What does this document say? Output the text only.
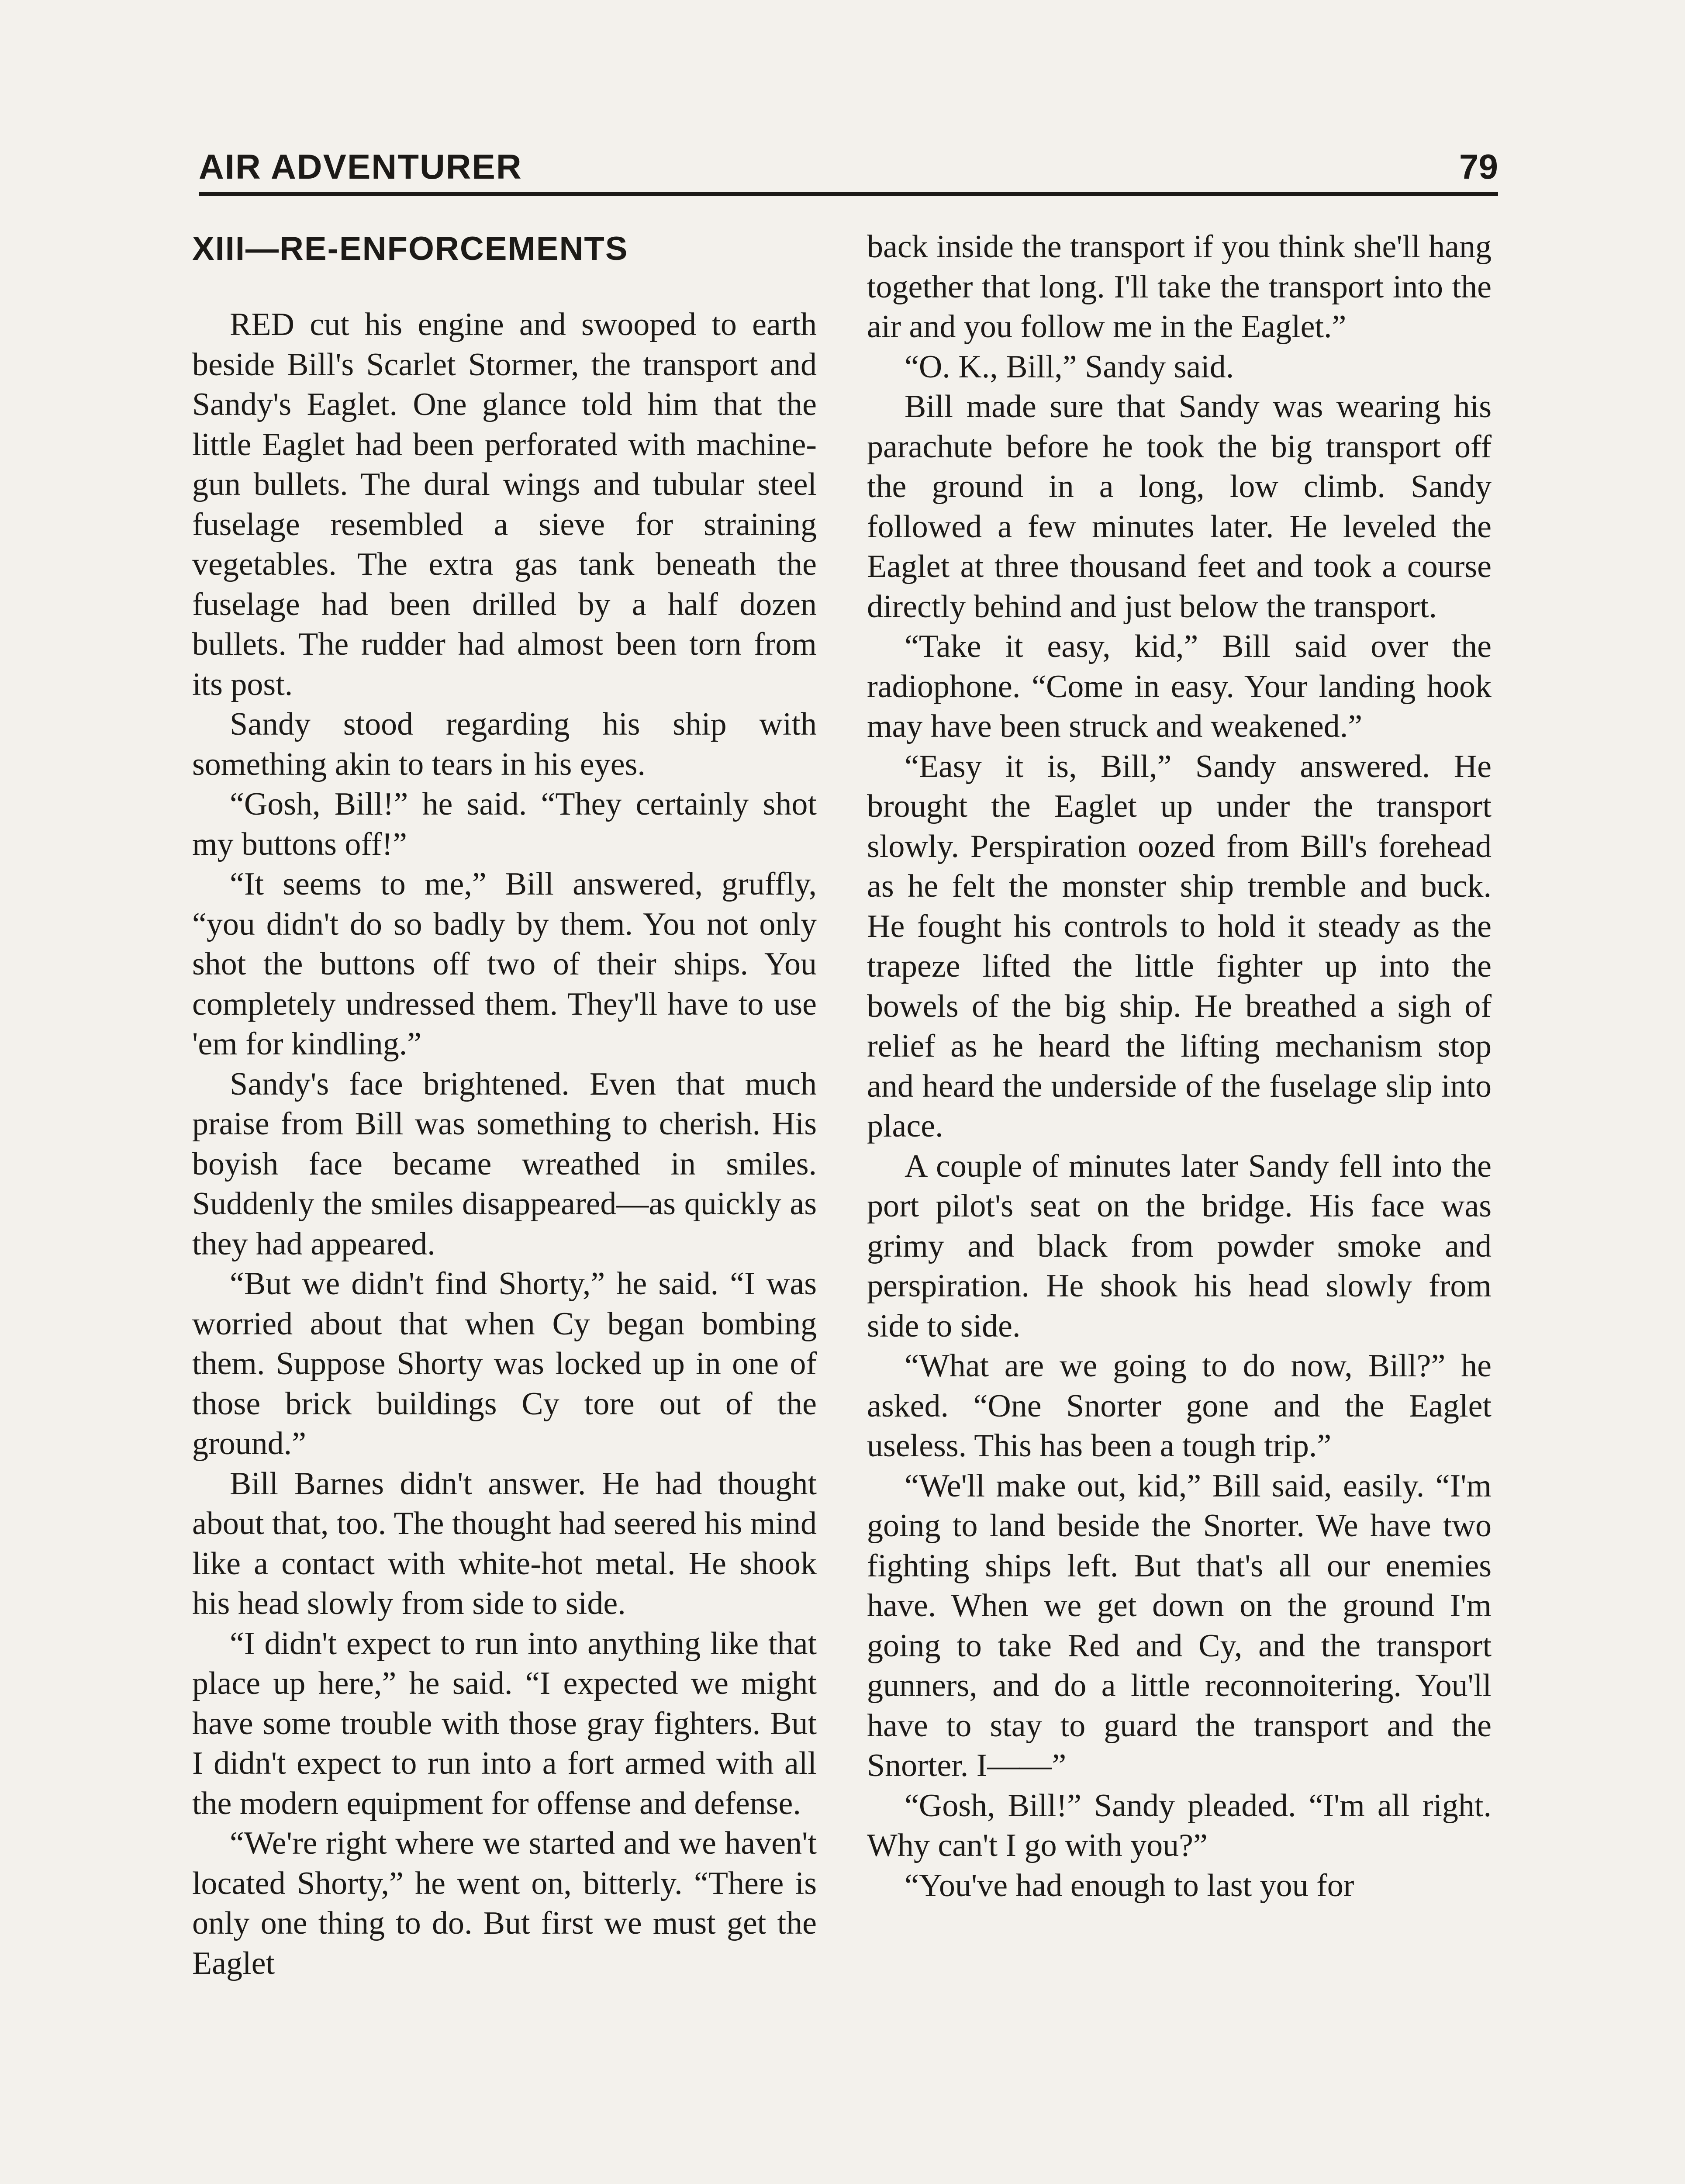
AIR ADVENTURER	79
XIII—RE-ENFORCEMENTS

RED cut his engine and swooped to earth beside Bill's Scarlet Stormer, the transport and Sandy's Eaglet. One glance told him that the little Eaglet had been perforated with machine-gun bullets. The dural wings and tubular steel fuselage resembled a sieve for straining vegetables. The extra gas tank beneath the fuselage had been drilled by a half dozen bullets. The rudder had almost been torn from its post.

Sandy stood regarding his ship with something akin to tears in his eyes.

“Gosh, Bill!” he said. “They certainly shot my buttons off!”

“It seems to me,” Bill answered, gruffly, “you didn't do so badly by them. You not only shot the buttons off two of their ships. You completely undressed them. They'll have to use 'em for kindling.”

Sandy's face brightened. Even that much praise from Bill was something to cherish. His boyish face became wreathed in smiles. Suddenly the smiles disappeared—as quickly as they had appeared.

“But we didn't find Shorty,” he said. “I was worried about that when Cy began bombing them. Suppose Shorty was locked up in one of those brick buildings Cy tore out of the ground.”

Bill Barnes didn't answer. He had thought about that, too. The thought had seered his mind like a contact with white-hot metal. He shook his head slowly from side to side.

“I didn't expect to run into anything like that place up here,” he said. “I expected we might have some trouble with those gray fighters. But I didn't expect to run into a fort armed with all the modern equipment for offense and defense.

“We're right where we started and we haven't located Shorty,” he went on, bitterly. “There is only one thing to do. But first we must get the Eaglet

back inside the transport if you think she'll hang together that long. I'll take the transport into the air and you follow me in the Eaglet.”

“O. K., Bill,” Sandy said.

Bill made sure that Sandy was wearing his parachute before he took the big transport off the ground in a long, low climb. Sandy followed a few minutes later. He leveled the Eaglet at three thousand feet and took a course directly behind and just below the transport.

“Take it easy, kid,” Bill said over the radiophone. “Come in easy. Your landing hook may have been struck and weakened.”

“Easy it is, Bill,” Sandy answered. He brought the Eaglet up under the transport slowly. Perspiration oozed from Bill's forehead as he felt the monster ship tremble and buck. He fought his controls to hold it steady as the trapeze lifted the little fighter up into the bowels of the big ship. He breathed a sigh of relief as he heard the lifting mechanism stop and heard the underside of the fuselage slip into place.

A couple of minutes later Sandy fell into the port pilot's seat on the bridge. His face was grimy and black from powder smoke and perspiration. He shook his head slowly from side to side.

“What are we going to do now, Bill?” he asked. “One Snorter gone and the Eaglet useless. This has been a tough trip.”

“We'll make out, kid,” Bill said, easily. “I'm going to land beside the Snorter. We have two fighting ships left. But that's all our enemies have. When we get down on the ground I'm going to take Red and Cy, and the transport gunners, and do a little reconnoitering. You'll have to stay to guard the transport and the Snorter. I——”

“Gosh, Bill!” Sandy pleaded. “I'm all right. Why can't I go with you?”

“You've had enough to last you for
